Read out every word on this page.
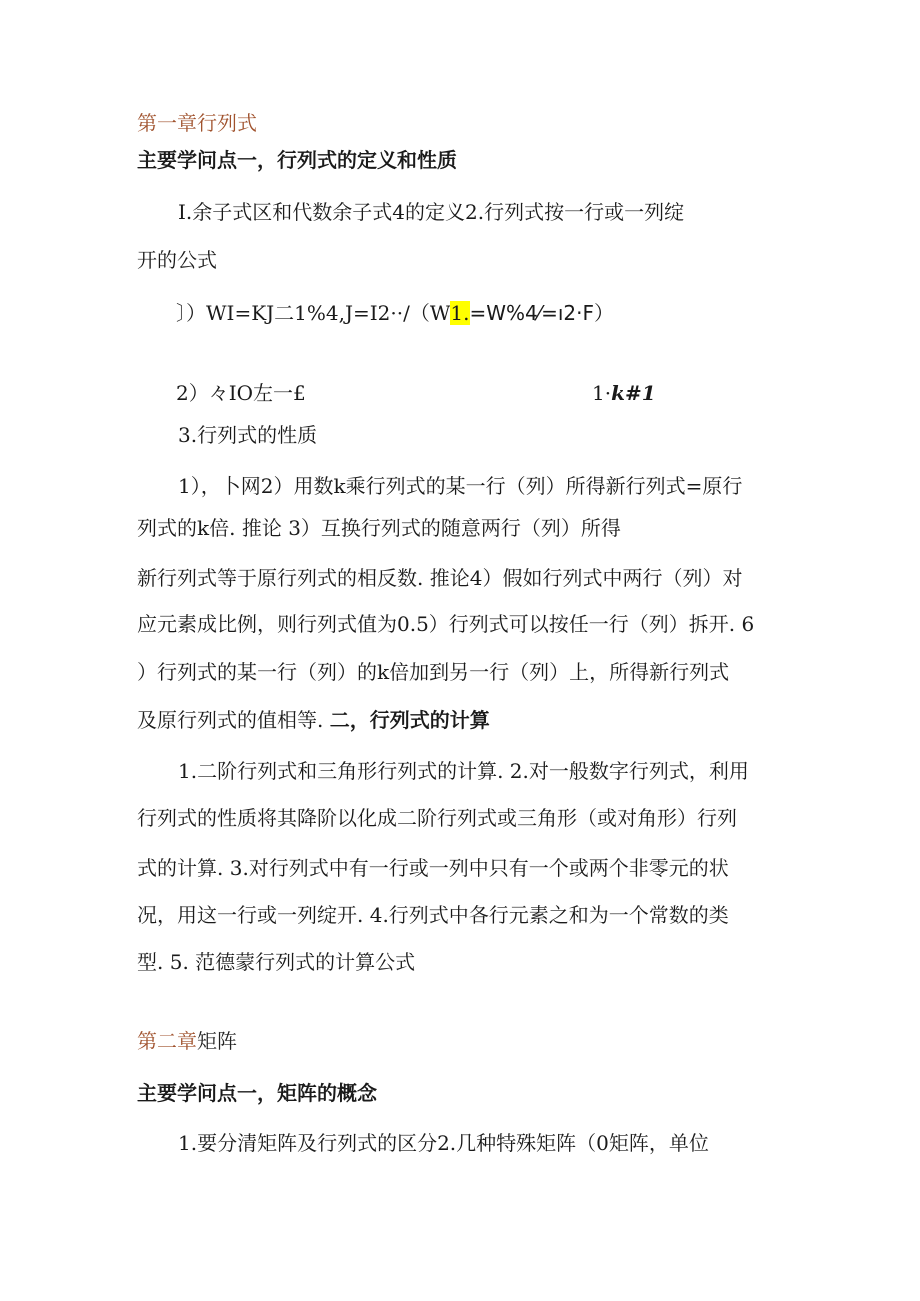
第一章行列式
主要学问点一，行列式的定义和性质
I.余子式区和代数余子式4的定义2.行列式按一行或一列绽
开的公式
〕）WI=KJ二1%4,J=I2··/（W1.=W%4⁄=ı2·F）
2）々IO左一£	1·k#1
3.行列式的性质
1），卜网2）用数k乘行列式的某一行（列）所得新行列式=原行
列式的k倍. 推论 3）互换行列式的随意两行（列）所得
新行列式等于原行列式的相反数. 推论4）假如行列式中两行（列）对
应元素成比例，则行列式值为0.5）行列式可以按任一行（列）拆开. 6
）行列式的某一行（列）的k倍加到另一行（列）上，所得新行列式
及原行列式的值相等. 二，行列式的计算
1.二阶行列式和三角形行列式的计算. 2.对一般数字行列式，利用
行列式的性质将其降阶以化成二阶行列式或三角形（或对角形）行列
式的计算. 3.对行列式中有一行或一列中只有一个或两个非零元的状
况，用这一行或一列绽开. 4.行列式中各行元素之和为一个常数的类
型. 5. 范德蒙行列式的计算公式
第二章矩阵
主要学问点一，矩阵的概念
1.要分清矩阵及行列式的区分2.几种特殊矩阵（0矩阵，单位
